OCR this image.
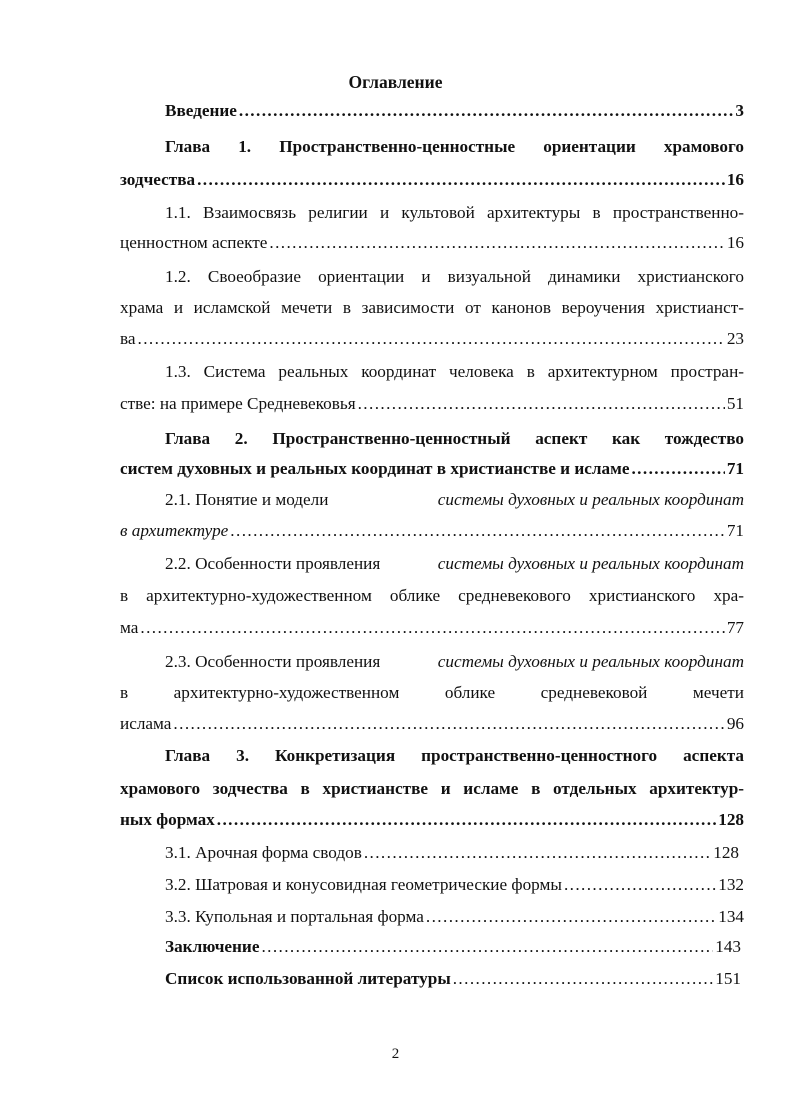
Оглавление
Введение .....	3
Глава 1. Пространственно-ценностные ориентации храмового
зодчества .....	16
1.1. Взаимосвязь религии и культовой архитектуры в пространственно-
ценностном аспекте .....	16
1.2. Своеобразие ориентации и визуальной динамики христианского
храма и исламской мечети в зависимости от канонов вероучения христианст-
ва .....	23
1.3. Система реальных координат человека в архитектурном простран-
стве: на примере Средневековья .....	51
Глава 2. Пространственно-ценностный аспект как тождество
систем духовных и реальных координат в христианстве и исламе .....	71
2.1. Понятие и модели	системы духовных и реальных координат
в архитектуре .....	71
2.2. Особенности проявления	системы духовных и реальных координат
в архитектурно-художественном облике средневекового христианского хра-
ма .....	77
2.3. Особенности проявления	системы духовных и реальных координат
в	архитектурно-художественном	облике	средневековой	мечети
ислама .....	96
Глава 3. Конкретизация пространственно-ценностного аспекта
храмового зодчества в христианстве и исламе в отдельных архитектур-
ных формах .....	128
3.1. Арочная форма сводов .....	128
3.2. Шатровая и конусовидная геометрические формы .....	132
3.3. Купольная и портальная форма .....	134
Заключение .....	143
Список использованной литературы .....	151
2
